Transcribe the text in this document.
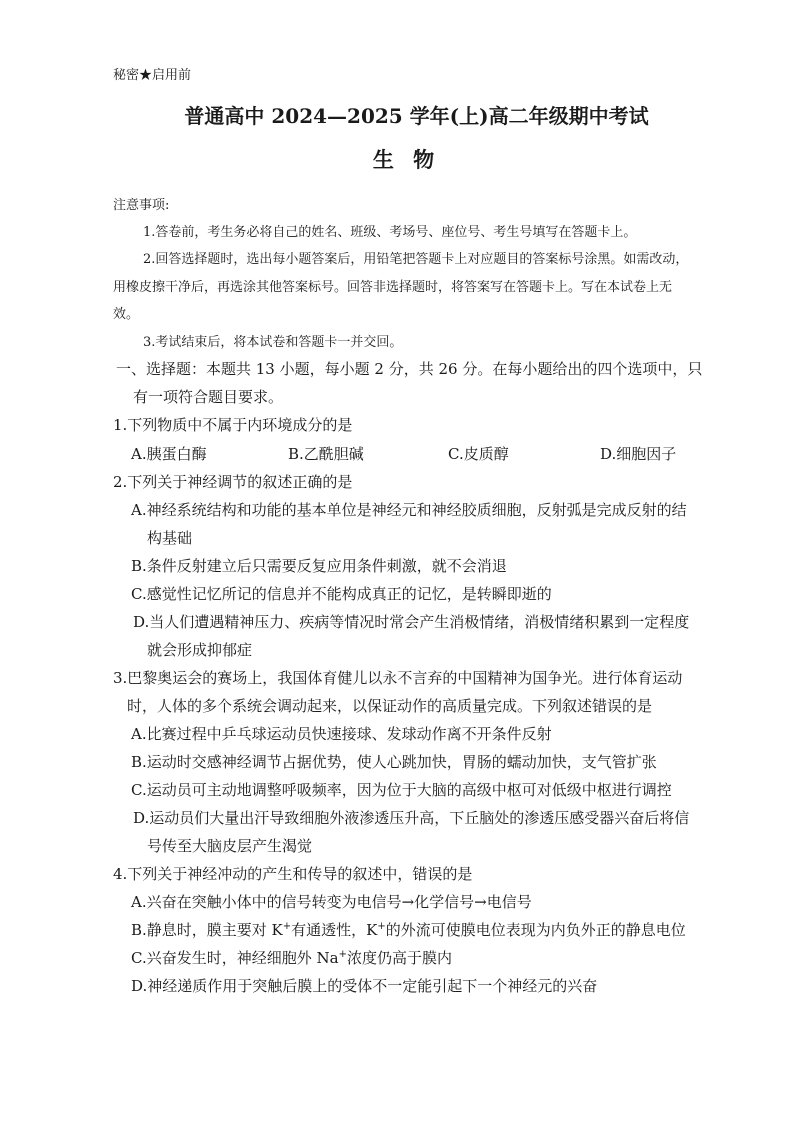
秘密★启用前
普通高中 2024—2025 学年(上)高二年级期中考试
生 物
注意事项:
1.答卷前，考生务必将自己的姓名、班级、考场号、座位号、考生号填写在答题卡上。
2.回答选择题时，选出每小题答案后，用铅笔把答题卡上对应题目的答案标号涂黑。如需改动，
用橡皮擦干净后，再选涂其他答案标号。回答非选择题时，将答案写在答题卡上。写在本试卷上无
效。
3.考试结束后，将本试卷和答题卡一并交回。
一、选择题：本题共 13 小题，每小题 2 分，共 26 分。在每小题给出的四个选项中，只
有一项符合题目要求。
1.下列物质中不属于内环境成分的是
A.胰蛋白酶	B.乙酰胆碱	C.皮质醇	D.细胞因子
2.下列关于神经调节的叙述正确的是
A.神经系统结构和功能的基本单位是神经元和神经胶质细胞，反射弧是完成反射的结
构基础
B.条件反射建立后只需要反复应用条件刺激，就不会消退
C.感觉性记忆所记的信息并不能构成真正的记忆，是转瞬即逝的
D.当人们遭遇精神压力、疾病等情况时常会产生消极情绪，消极情绪积累到一定程度
就会形成抑郁症
3.巴黎奥运会的赛场上，我国体育健儿以永不言弃的中国精神为国争光。进行体育运动
时，人体的多个系统会调动起来，以保证动作的高质量完成。下列叙述错误的是
A.比赛过程中乒乓球运动员快速接球、发球动作离不开条件反射
B.运动时交感神经调节占据优势，使人心跳加快，胃肠的蠕动加快，支气管扩张
C.运动员可主动地调整呼吸频率，因为位于大脑的高级中枢可对低级中枢进行调控
D.运动员们大量出汗导致细胞外液渗透压升高，下丘脑处的渗透压感受器兴奋后将信
号传至大脑皮层产生渴觉
4.下列关于神经冲动的产生和传导的叙述中，错误的是
A.兴奋在突触小体中的信号转变为电信号→化学信号→电信号
B.静息时，膜主要对 K+有通透性，K+的外流可使膜电位表现为内负外正的静息电位
C.兴奋发生时，神经细胞外 Na+浓度仍高于膜内
D.神经递质作用于突触后膜上的受体不一定能引起下一个神经元的兴奋
